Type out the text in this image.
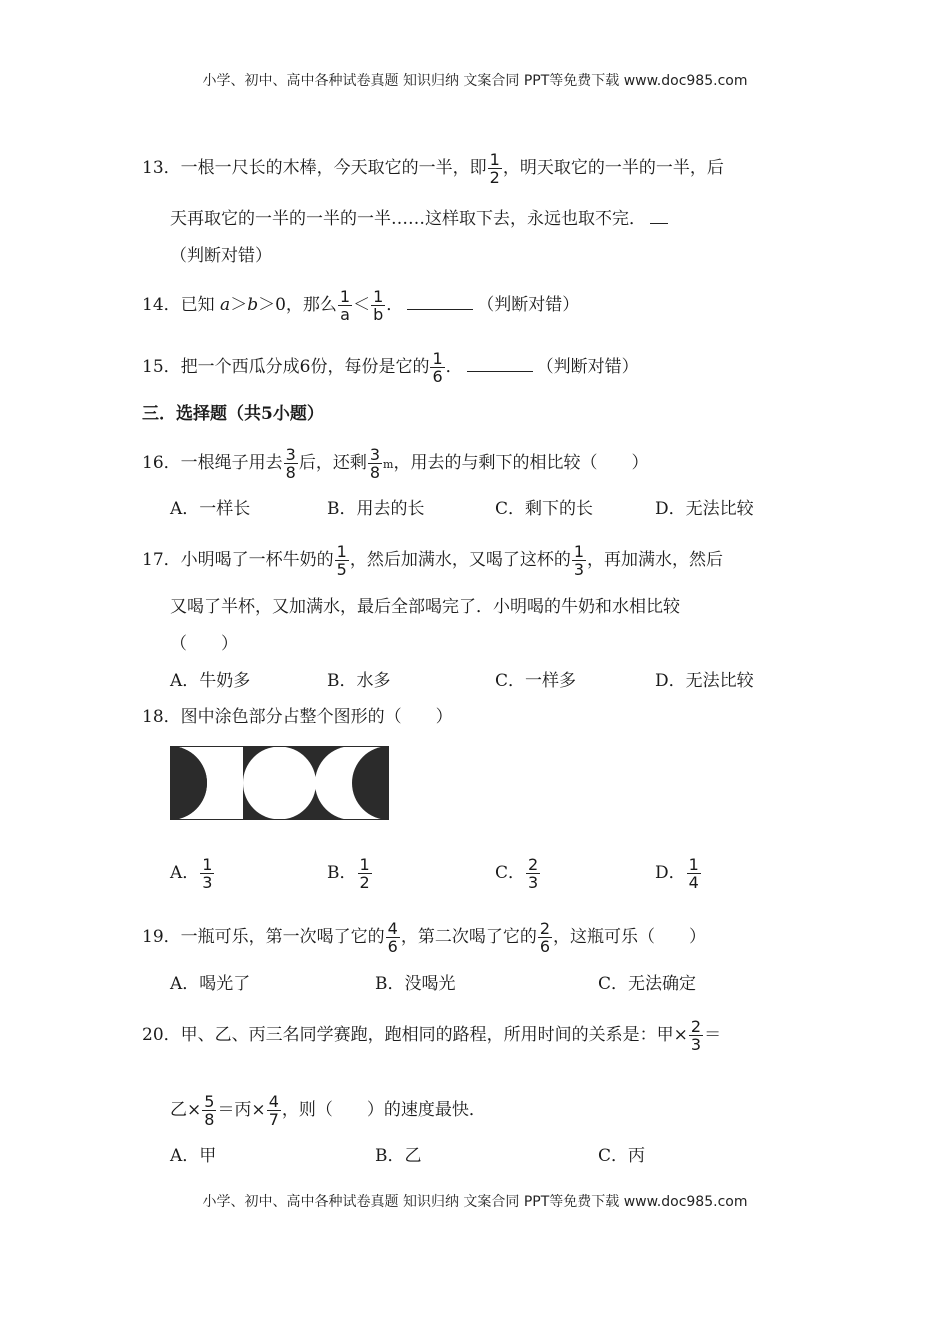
小学、初中、高中各种试卷真题 知识归纳 文案合同 PPT等免费下载 www.doc985.com
13．一根一尺长的木棒，今天取它的一半，即 $\frac{1}{2}$ ，明天取它的一半的一半，后
天再取它的一半的一半的一半……这样取下去，永远也取不完．
（判断对错）
14．已知 a＞b＞0，那么 $\frac{1}{a} < \frac{1}{b}$ ．	（判断对错）
15．把一个西瓜分成6份，每份是它的 $\frac{1}{6}$ ．	（判断对错）
三．选择题（共5小题）
16．一根绳子用去 $\frac{3}{8}$ 后，还剩 $\frac{3}{8}$ m，用去的与剩下的相比较（　　）
A．一样长	B．用去的长	C．剩下的长	D．无法比较
17．小明喝了一杯牛奶的 $\frac{1}{5}$ ，然后加满水，又喝了这杯的 $\frac{1}{3}$ ，再加满水，然后
又喝了半杯，又加满水，最后全部喝完了．小明喝的牛奶和水相比较
（　　）
A．牛奶多	B．水多	C．一样多	D．无法比较
18．图中涂色部分占整个图形的（　　）
A． $\frac{1}{3}$	B． $\frac{1}{2}$	C． $\frac{2}{3}$	D． $\frac{1}{4}$
19．一瓶可乐，第一次喝了它的 $\frac{4}{6}$ ，第二次喝了它的 $\frac{2}{6}$ ，这瓶可乐（　　）
A．喝光了	B．没喝光	C．无法确定
20．甲、乙、丙三名同学赛跑，跑相同的路程，所用时间的关系是：甲× $\frac{2}{3}$ ＝
乙× $\frac{5}{8}$ ＝丙× $\frac{4}{7}$ ，则（　　）的速度最快．
A．甲	B．乙	C．丙
小学、初中、高中各种试卷真题 知识归纳 文案合同 PPT等免费下载 www.doc985.com
